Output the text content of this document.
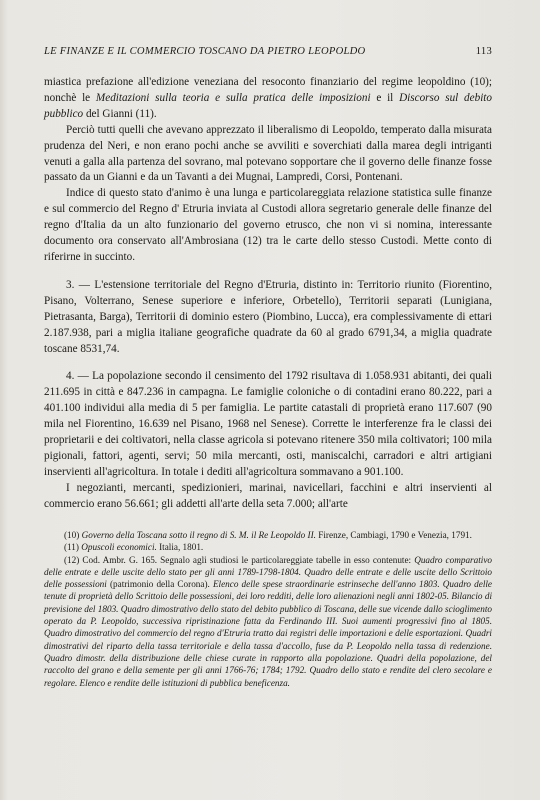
LE FINANZE E IL COMMERCIO TOSCANO DA PIETRO LEOPOLDO	113

miastica prefazione all'edizione veneziana del resoconto finanziario del regime leopoldino (10); nonchè le Meditazioni sulla teoria e sulla pratica delle imposizioni e il Discorso sul debito pubblico del Gianni (11).

Perciò tutti quelli che avevano apprezzato il liberalismo di Leopoldo, temperato dalla misurata prudenza del Neri, e non erano pochi anche se avviliti e soverchiati dalla marea degli intriganti venuti a galla alla partenza del sovrano, mal potevano sopportare che il governo delle finanze fosse passato da un Gianni e da un Tavanti a dei Mugnai, Lampredi, Corsi, Pontenani.

Indice di questo stato d'animo è una lunga e particolareggiata relazione statistica sulle finanze e sul commercio del Regno d' Etruria inviata al Custodi allora segretario generale delle finanze del regno d'Italia da un alto funzionario del governo etrusco, che non vi si nomina, interessante documento ora conservato all'Ambrosiana (12) tra le carte dello stesso Custodi. Mette conto di riferirne in succinto.

3. — L'estensione territoriale del Regno d'Etruria, distinto in: Territorio riunito (Fiorentino, Pisano, Volterrano, Senese superiore e inferiore, Orbetello), Territorii separati (Lunigiana, Pietrasanta, Barga), Territorii di dominio estero (Piombino, Lucca), era complessivamente di ettari 2.187.938, pari a miglia italiane geografiche quadrate da 60 al grado 6791,34, a miglia quadrate toscane 8531,74.

4. — La popolazione secondo il censimento del 1792 risultava di 1.058.931 abitanti, dei quali 211.695 in città e 847.236 in campagna. Le famiglie coloniche o di contadini erano 80.222, pari a 401.100 individui alla media di 5 per famiglia. Le partite catastali di proprietà erano 117.607 (90 mila nel Fiorentino, 16.639 nel Pisano, 1968 nel Senese). Corrette le interferenze fra le classi dei proprietarii e dei coltivatori, nella classe agricola si potevano ritenere 350 mila coltivatori; 100 mila pigionali, fattori, agenti, servi; 50 mila mercanti, osti, maniscalchi, carradori e altri artigiani inservienti all'agricoltura. In totale i dediti all'agricoltura sommavano a 901.100.

I negozianti, mercanti, spedizionieri, marinai, navicellari, facchini e altri inservienti al commercio erano 56.661; gli addetti all'arte della seta 7.000; all'arte

(10) Governo della Toscana sotto il regno di S. M. il Re Leopoldo II. Firenze, Cambiagi, 1790 e Venezia, 1791.

(11) Opuscoli economici. Italia, 1801.

(12) Cod. Ambr. G. 165. Segnalo agli studiosi le particolareggiate tabelle in esso contenute: Quadro comparativo delle entrate e delle uscite dello stato per gli anni 1789-1798-1804. Quadro delle entrate e delle uscite dello Scrittoio delle possessioni (patrimonio della Corona). Elenco delle spese straordinarie estrinseche dell'anno 1803. Quadro delle tenute di proprietà dello Scrittoio delle possessioni, dei loro redditi, delle loro alienazioni negli anni 1802-05. Bilancio di previsione del 1803. Quadro dimostrativo dello stato del debito pubblico di Toscana, delle sue vicende dallo scioglimento operato da P. Leopoldo, successiva ripristinazione fatta da Ferdinando III. Suoi aumenti progressivi fino al 1805. Quadro dimostrativo del commercio del regno d'Etruria tratto dai registri delle importazioni e delle esportazioni. Quadri dimostrativi del riparto della tassa territoriale e della tassa d'accollo, fuse da P. Leopoldo nella tassa di redenzione. Quadro dimostr. della distribuzione delle chiese curate in rapporto alla popolazione. Quadri della popolazione, del raccolto del grano e della semente per gli anni 1766-76; 1784; 1792. Quadro dello stato e rendite del clero secolare e regolare. Elenco e rendite delle istituzioni di pubblica beneficenza.
